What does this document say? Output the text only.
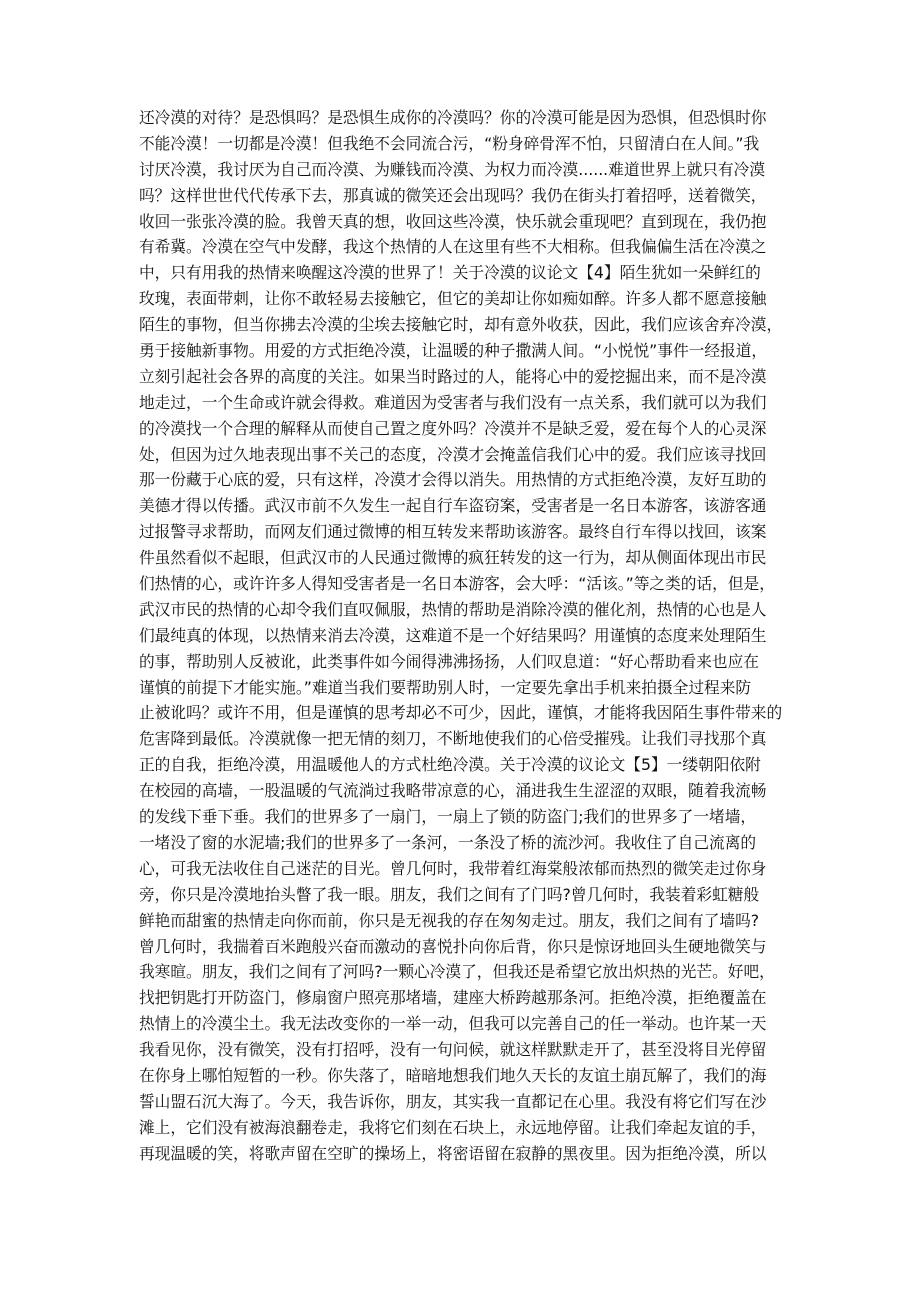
还冷漠的对待？是恐惧吗？是恐惧生成你的冷漠吗？你的冷漠可能是因为恐惧，但恐惧时你
不能冷漠！一切都是冷漠！但我绝不会同流合污，“粉身碎骨浑不怕，只留清白在人间。”我
讨厌冷漠，我讨厌为自己而冷漠、为赚钱而冷漠、为权力而冷漠......难道世界上就只有冷漠
吗？这样世世代代传承下去，那真诚的微笑还会出现吗？我仍在街头打着招呼，送着微笑，
收回一张张冷漠的脸。我曾天真的想，收回这些冷漠，快乐就会重现吧？直到现在，我仍抱
有希冀。冷漠在空气中发酵，我这个热情的人在这里有些不大相称。但我偏偏生活在冷漠之
中，只有用我的热情来唤醒这冷漠的世界了！关于冷漠的议论文【4】陌生犹如一朵鲜红的
玫瑰，表面带刺，让你不敢轻易去接触它，但它的美却让你如痴如醉。许多人都不愿意接触
陌生的事物，但当你拂去冷漠的尘埃去接触它时，却有意外收获，因此，我们应该舍弃冷漠，
勇于接触新事物。用爱的方式拒绝冷漠，让温暖的种子撒满人间。“小悦悦”事件一经报道，
立刻引起社会各界的高度的关注。如果当时路过的人，能将心中的爱挖掘出来，而不是冷漠
地走过，一个生命或许就会得救。难道因为受害者与我们没有一点关系，我们就可以为我们
的冷漠找一个合理的解释从而使自己置之度外吗？冷漠并不是缺乏爱，爱在每个人的心灵深
处，但因为过久地表现出事不关己的态度，冷漠才会掩盖信我们心中的爱。我们应该寻找回
那一份藏于心底的爱，只有这样，冷漠才会得以消失。用热情的方式拒绝冷漠，友好互助的
美德才得以传播。武汉市前不久发生一起自行车盗窃案，受害者是一名日本游客，该游客通
过报警寻求帮助，而网友们通过微博的相互转发来帮助该游客。最终自行车得以找回，该案
件虽然看似不起眼，但武汉市的人民通过微博的疯狂转发的这一行为，却从侧面体现出市民
们热情的心，或许许多人得知受害者是一名日本游客，会大呼：“活该。”等之类的话，但是，
武汉市民的热情的心却令我们直叹佩服，热情的帮助是消除冷漠的催化剂，热情的心也是人
们最纯真的体现，以热情来消去冷漠，这难道不是一个好结果吗？用谨慎的态度来处理陌生
的事，帮助别人反被讹，此类事件如今闹得沸沸扬扬，人们叹息道：“好心帮助看来也应在
谨慎的前提下才能实施。”难道当我们要帮助别人时，一定要先拿出手机来拍摄全过程来防
止被讹吗？或许不用，但是谨慎的思考却必不可少，因此，谨慎，才能将我因陌生事件带来的
危害降到最低。冷漠就像一把无情的刻刀，不断地使我们的心倍受摧残。让我们寻找那个真
正的自我，拒绝冷漠，用温暖他人的方式杜绝冷漠。关于冷漠的议论文【5】一缕朝阳依附
在校园的高墙，一股温暖的气流淌过我略带凉意的心，涌进我生生涩涩的双眼，随着我流畅
的发线下垂下垂。我们的世界多了一扇门，一扇上了锁的防盗门;我们的世界多了一堵墙，
一堵没了窗的水泥墙;我们的世界多了一条河，一条没了桥的流沙河。我收住了自己流离的
心，可我无法收住自己迷茫的目光。曾几何时，我带着红海棠般浓郁而热烈的微笑走过你身
旁，你只是冷漠地抬头瞥了我一眼。朋友，我们之间有了门吗?曾几何时，我装着彩虹糖般
鲜艳而甜蜜的热情走向你而前，你只是无视我的存在匆匆走过。朋友，我们之间有了墙吗?
曾几何时，我揣着百米跑般兴奋而激动的喜悦扑向你后背，你只是惊讶地回头生硬地微笑与
我寒暄。朋友，我们之间有了河吗?一颗心冷漠了，但我还是希望它放出炽热的光芒。好吧，
找把钥匙打开防盗门，修扇窗户照亮那堵墙，建座大桥跨越那条河。拒绝冷漠，拒绝覆盖在
热情上的冷漠尘土。我无法改变你的一举一动，但我可以完善自己的任一举动。也许某一天
我看见你，没有微笑，没有打招呼，没有一句问候，就这样默默走开了，甚至没将目光停留
在你身上哪怕短暂的一秒。你失落了，暗暗地想我们地久天长的友谊土崩瓦解了，我们的海
誓山盟石沉大海了。今天，我告诉你，朋友，其实我一直都记在心里。我没有将它们写在沙
滩上，它们没有被海浪翻卷走，我将它们刻在石块上，永远地停留。让我们牵起友谊的手，
再现温暖的笑，将歌声留在空旷的操场上，将密语留在寂静的黑夜里。因为拒绝冷漠，所以
